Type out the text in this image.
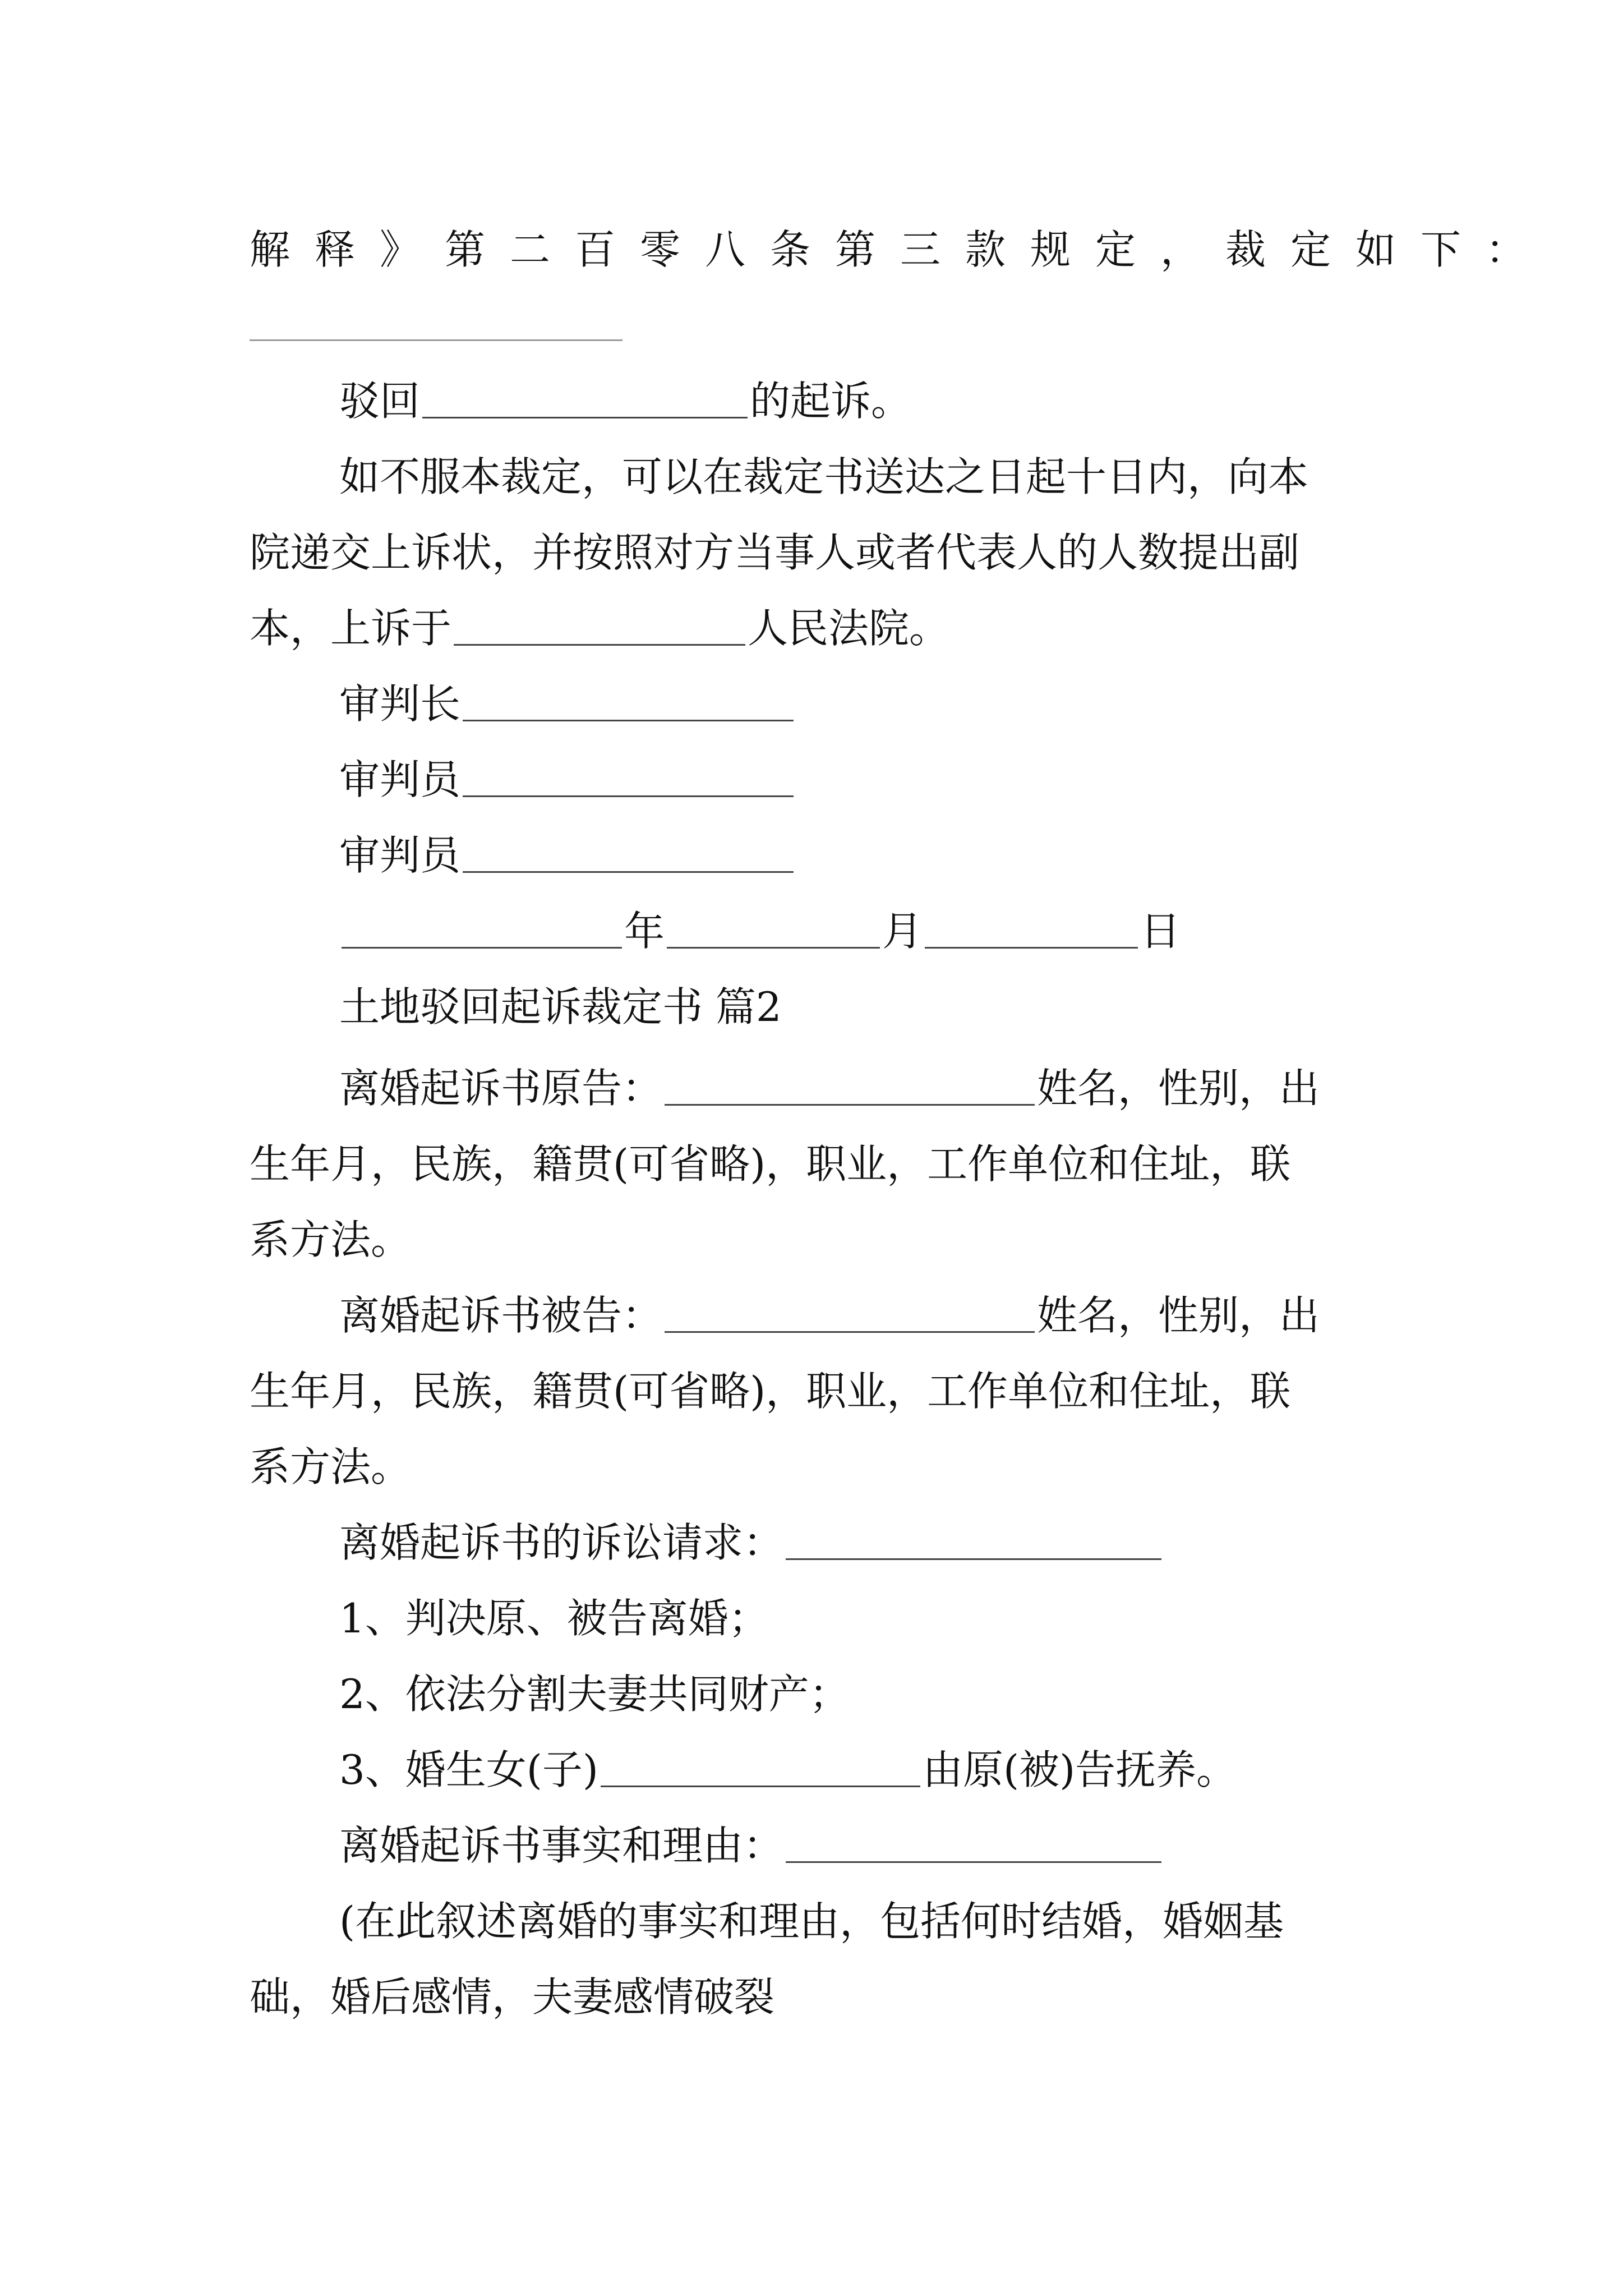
解释》第二百零八条第三款规定，裁定如下：
驳回	的起诉。
如不服本裁定，可以在裁定书送达之日起十日内，向本
院递交上诉状，并按照对方当事人或者代表人的人数提出副
本，上诉于	人民法院。
审判长
审判员
审判员
年	月	日
土地驳回起诉裁定书 篇2
离婚起诉书原告：	姓名，性别，出
生年月，民族，籍贯(可省略)，职业，工作单位和住址，联
系方法。
离婚起诉书被告：	姓名，性别，出
生年月，民族，籍贯(可省略)，职业，工作单位和住址，联
系方法。
离婚起诉书的诉讼请求：
1、判决原、被告离婚；
2、依法分割夫妻共同财产；
3、婚生女(子)	由原(被)告抚养。
离婚起诉书事实和理由：
(在此叙述离婚的事实和理由，包括何时结婚，婚姻基
础，婚后感情，夫妻感情破裂
